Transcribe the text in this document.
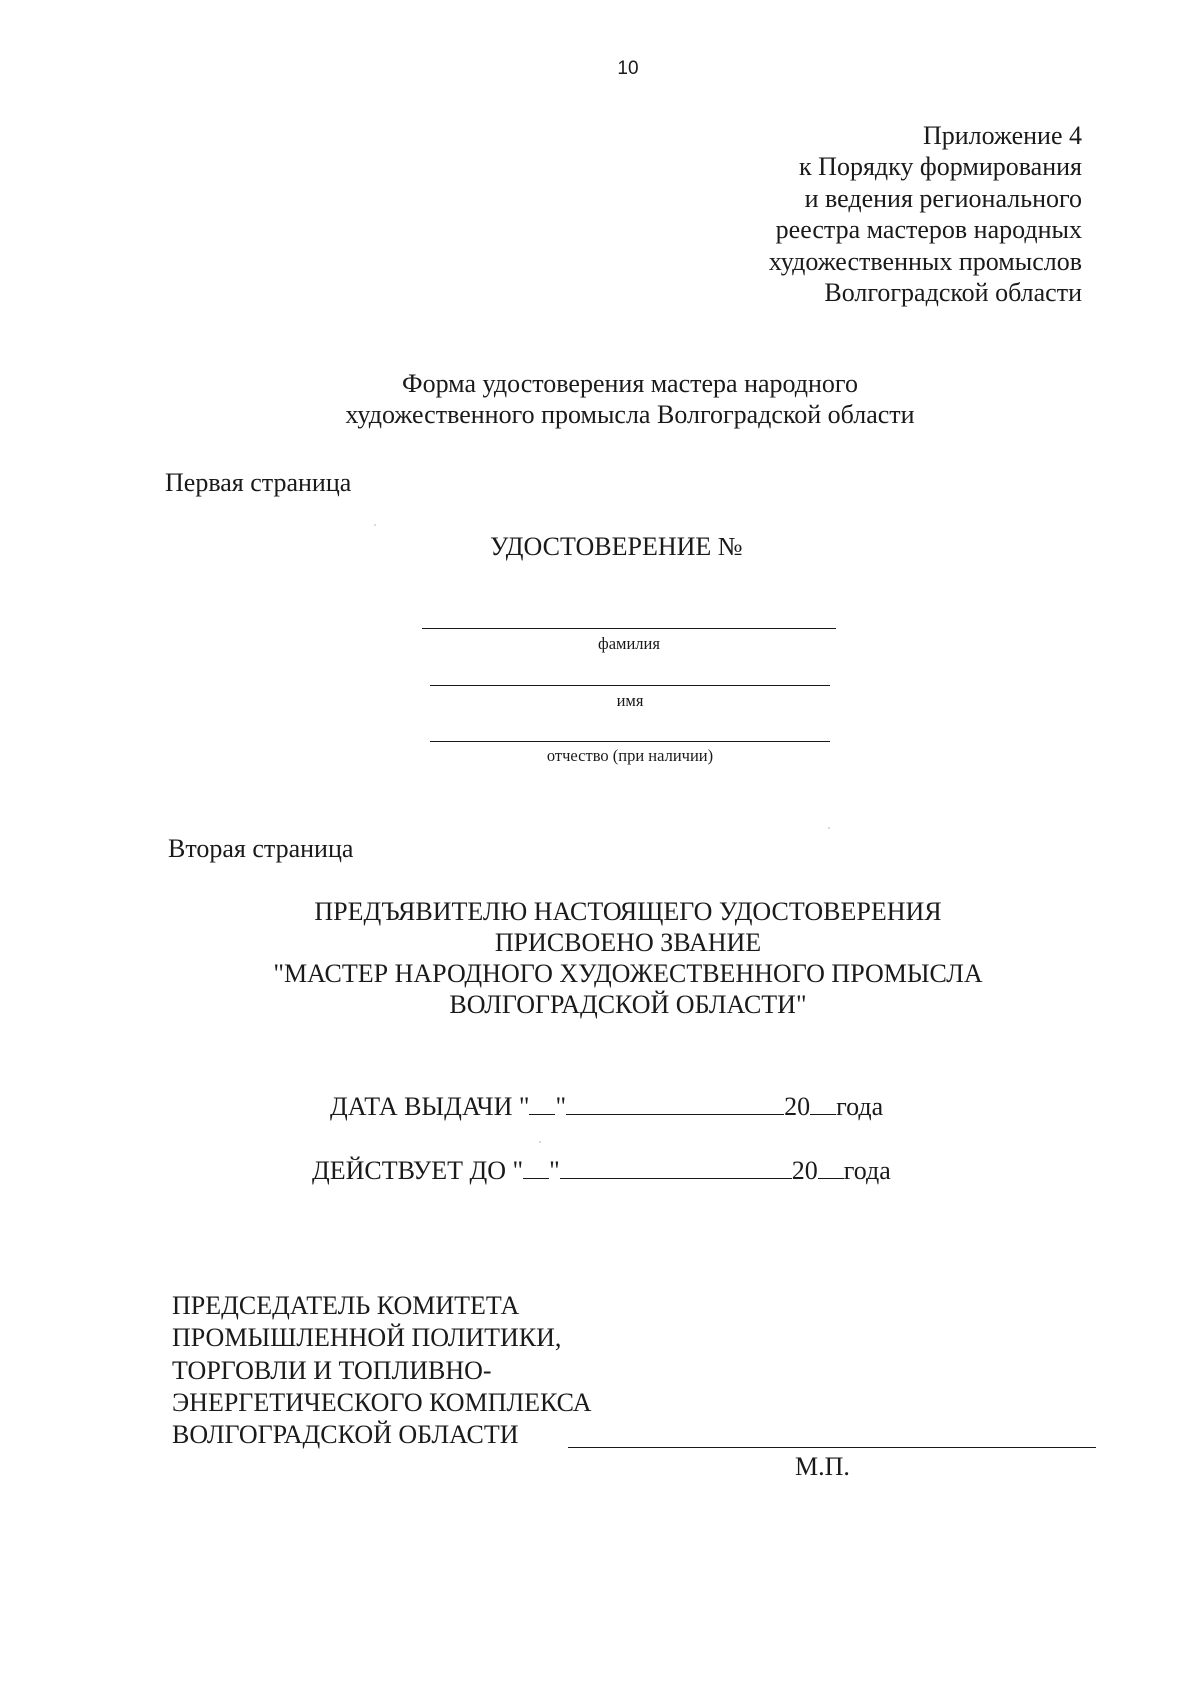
10
Приложение 4
к Порядку формирования
и ведения регионального
реестра мастеров народных
художественных промыслов
Волгоградской области
Форма удостоверения мастера народного
художественного промысла Волгоградской области
Первая страница
УДОСТОВЕРЕНИЕ №
фамилия
имя
отчество (при наличии)
Вторая страница
ПРЕДЪЯВИТЕЛЮ НАСТОЯЩЕГО УДОСТОВЕРЕНИЯ
ПРИСВОЕНО ЗВАНИЕ
"МАСТЕР НАРОДНОГО ХУДОЖЕСТВЕННОГО ПРОМЫСЛА
ВОЛГОГРАДСКОЙ ОБЛАСТИ"
ДАТА ВЫДАЧИ " "	20 года
ДЕЙСТВУЕТ ДО " "	20 года
ПРЕДСЕДАТЕЛЬ КОМИТЕТА
ПРОМЫШЛЕННОЙ ПОЛИТИКИ,
ТОРГОВЛИ И ТОПЛИВНО-
ЭНЕРГЕТИЧЕСКОГО КОМПЛЕКСА
ВОЛГОГРАДСКОЙ ОБЛАСТИ
М.П.
